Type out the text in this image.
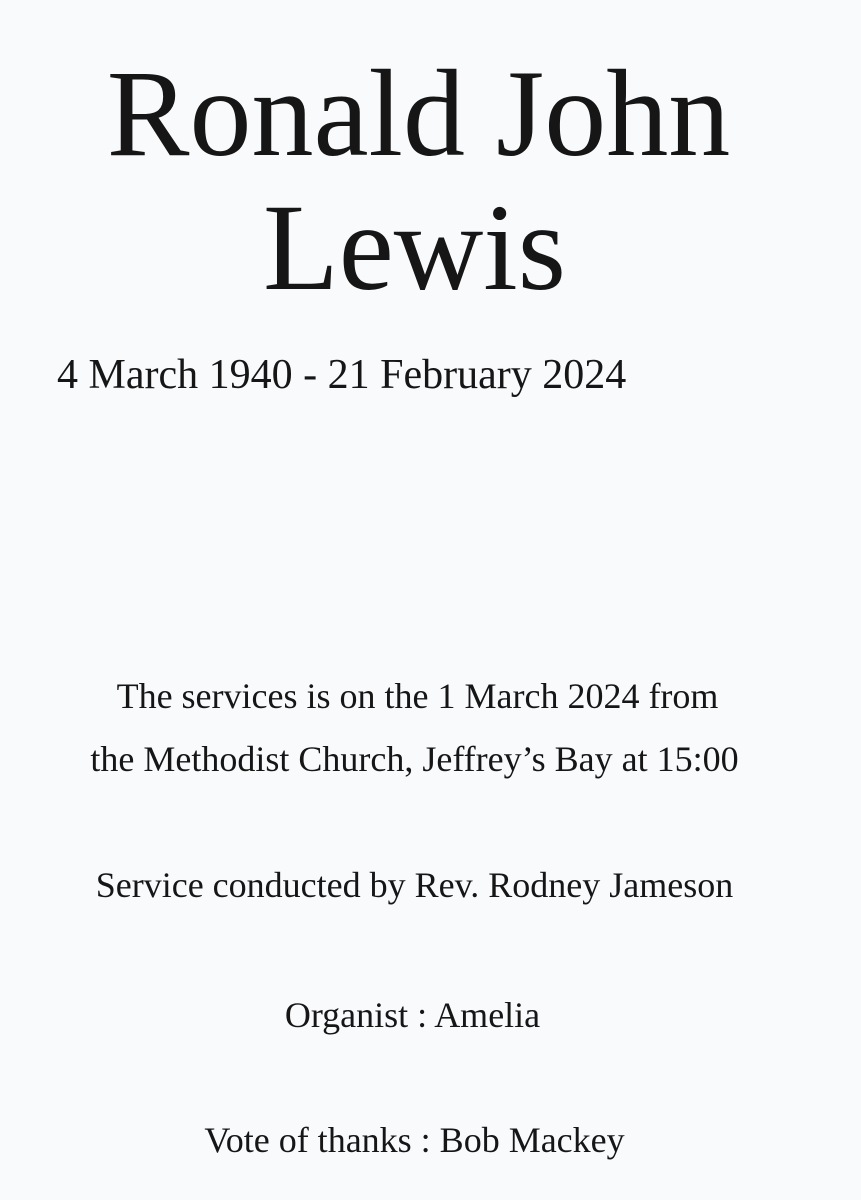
Ronald John
Lewis
4 March 1940 - 21 February 2024
The services is on the 1 March 2024 from
the Methodist Church, Jeffrey’s Bay at 15:00
Service conducted by Rev. Rodney Jameson
Organist : Amelia
Vote of thanks : Bob Mackey
